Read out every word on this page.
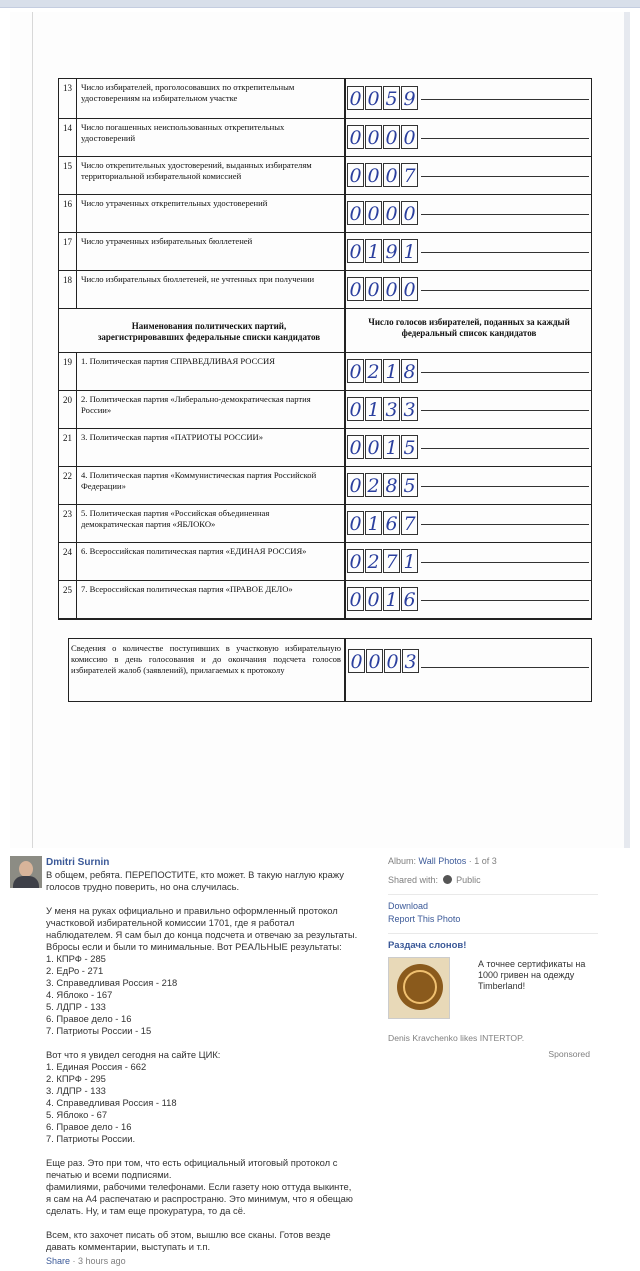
13	Число избирателей, проголосовавших по открепительным удостоверениям на избирательном участке	0 0 5 9
14	Число погашенных неиспользованных открепительных удостоверений	0 0 0 0
15	Число открепительных удостоверений, выданных избирателям территориальной избирательной комиссией	0 0 0 7
16	Число утраченных открепительных удостоверений	0 0 0 0
17	Число утраченных избирательных бюллетеней	0 1 9 1
18	Число избирательных бюллетеней, не учтенных при получении	0 0 0 0
Наименования политических партий, зарегистрировавших федеральные списки кандидатов
Число голосов избирателей, поданных за каждый федеральный список кандидатов
19	1. Политическая партия СПРАВЕДЛИВАЯ РОССИЯ	0 2 1 8
20	2. Политическая партия «Либерально-демократическая партия России»	0 1 3 3
21	3. Политическая партия «ПАТРИОТЫ РОССИИ»	0 0 1 5
22	4. Политическая партия «Коммунистическая партия Российской Федерации»	0 2 8 5
23	5. Политическая партия «Российская объединенная демократическая партия «ЯБЛОКО»	0 1 6 7
24	6. Всероссийская политическая партия «ЕДИНАЯ РОССИЯ»	0 2 7 1
25	7. Всероссийская политическая партия «ПРАВОЕ ДЕЛО»	0 0 1 6
Сведения о количестве поступивших в участковую избирательную комиссию в день голосования и до окончания подсчета голосов избирателей жалоб (заявлений), прилагаемых к протоколу	0 0 0 3
Dmitri Surnin

В общем, ребята. ПЕРЕПОСТИТЕ, кто может. В такую наглую кражу
голосов трудно поверить, но она случилась.

У меня на руках официально и правильно оформленный протокол
участковой избирательной комиссии 1701, где я работал
наблюдателем. Я сам был до конца подсчета и отвечаю за результаты.
Вбросы если и были то минимальные. Вот РЕАЛЬНЫЕ результаты:
1. КПРФ - 285
2. ЕдРо - 271
3. Справедливая Россия - 218
4. Яблоко - 167
5. ЛДПР - 133
6. Правое дело - 16
7. Патриоты России - 15

Вот что я увидел сегодня на сайте ЦИК:
1. Единая Россия - 662
2. КПРФ - 295
3. ЛДПР - 133
4. Справедливая Россия - 118
5. Яблоко - 67
6. Правое дело - 16
7. Патриоты России.

Еще раз. Это при том, что есть официальный итоговый протокол с
печатью и всеми подписями.
фамилиями, рабочими телефонами. Если газету ною оттуда выкинте,
я сам на А4 распечатаю и распространю. Это минимум, что я обещаю
сделать. Ну, и там еще прокуратура, то да сё.

Всем, кто захочет писать об этом, вышлю все сканы. Готов везде
давать комментарии, выступать и т.п.

Share · 3 hours ago
Album: Wall Photos · 1 of 3
Shared with: Public
Download
Report This Photo
Раздача слонов!
А точнее сертификаты на 1000 гривен на одежду Timberland!
Denis Kravchenko likes INTERTOP.
Sponsored
